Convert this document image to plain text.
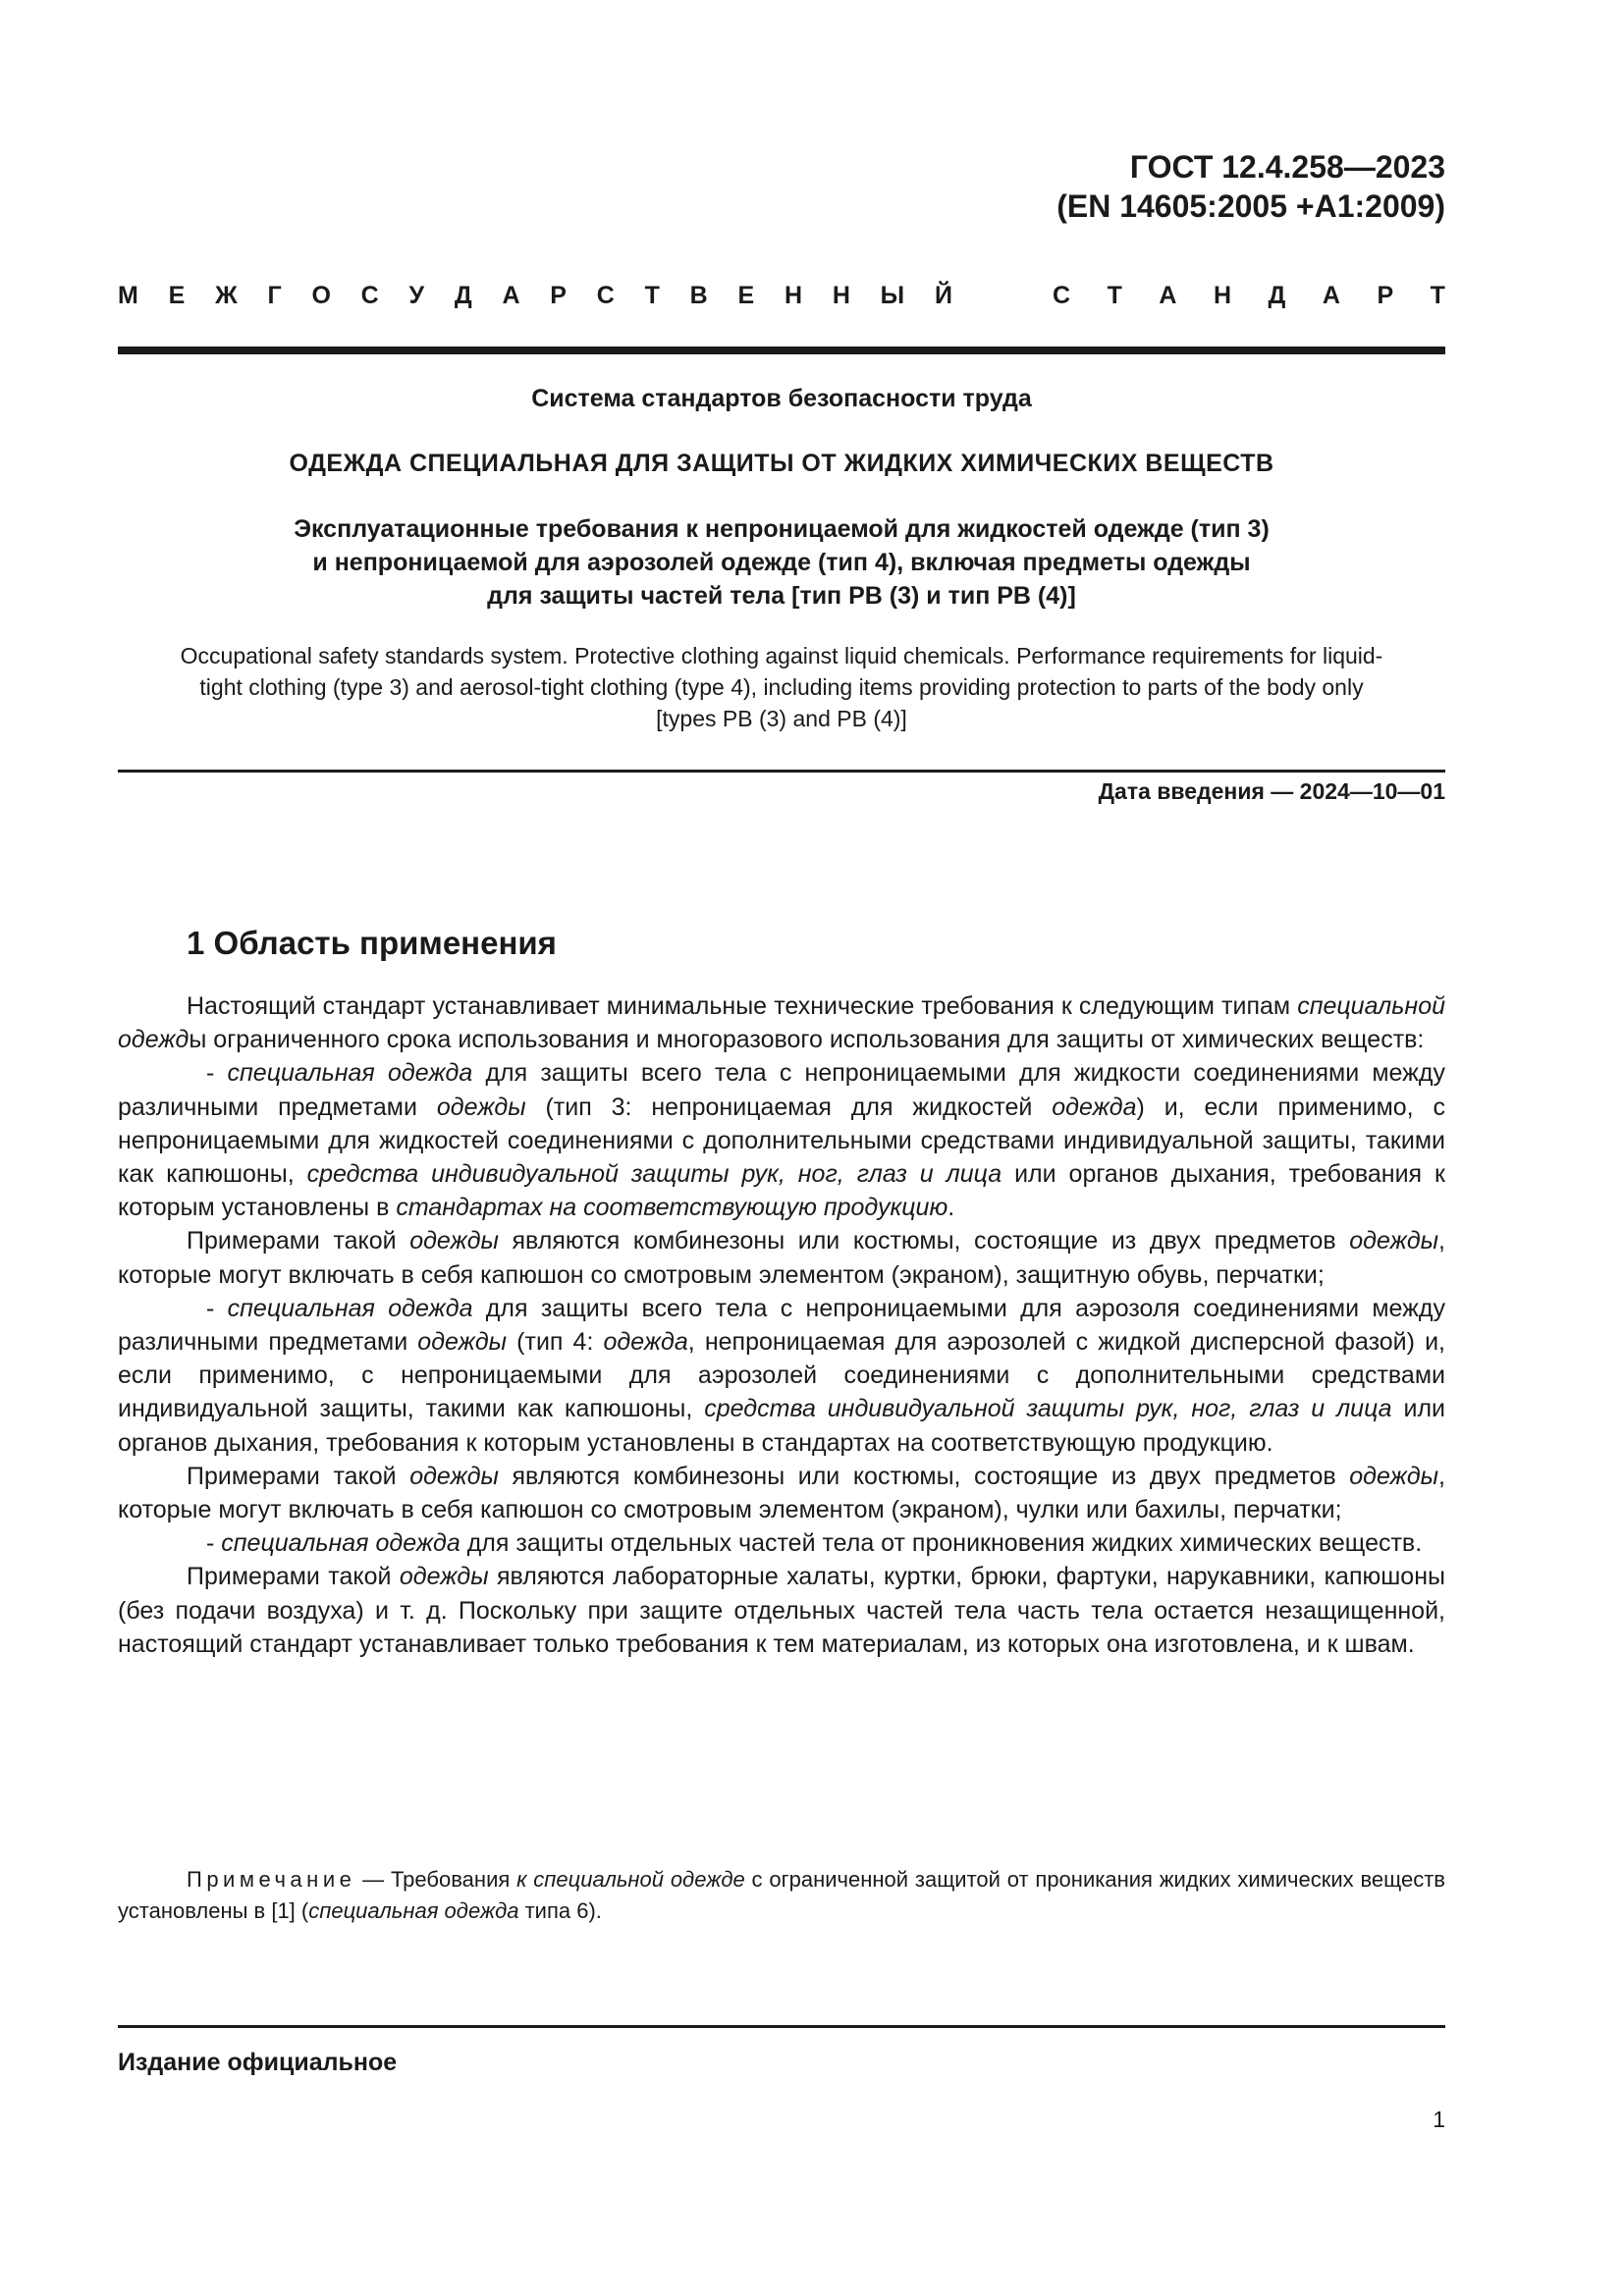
ГОСТ 12.4.258—2023
(EN 14605:2005 +A1:2009)
М Е Ж Г О С У Д А Р С Т В Е Н Н Ы Й	С Т А Н Д А Р Т
Система стандартов безопасности труда
ОДЕЖДА СПЕЦИАЛЬНАЯ ДЛЯ ЗАЩИТЫ ОТ ЖИДКИХ ХИМИЧЕСКИХ ВЕЩЕСТВ
Эксплуатационные требования к непроницаемой для жидкостей одежде (тип 3)
и непроницаемой для аэрозолей одежде (тип 4), включая предметы одежды
для защиты частей тела [тип PB (3) и тип PB (4)]
Occupational safety standards system. Protective clothing against liquid chemicals. Performance requirements for liquid-
tight clothing (type 3) and aerosol-tight clothing (type 4), including items providing protection to parts of the body only
[types PB (3) and PB (4)]
Дата введения — 2024—10—01
1 Область применения

Настоящий стандарт устанавливает минимальные технические требования к следующим типам специальной одежды ограниченного срока использования и многоразового использования для защиты от химических веществ:

- специальная одежда для защиты всего тела с непроницаемыми для жидкости соединениями между различными предметами одежды (тип 3: непроницаемая для жидкостей одежда) и, если применимо, с непроницаемыми для жидкостей соединениями с дополнительными средствами индивидуальной защиты, такими как капюшоны, средства индивидуальной защиты рук, ног, глаз и лица или органов дыхания, требования к которым установлены в стандартах на соответствующую продукцию.

Примерами такой одежды являются комбинезоны или костюмы, состоящие из двух предметов одежды, которые могут включать в себя капюшон со смотровым элементом (экраном), защитную обувь, перчатки;

- специальная одежда для защиты всего тела с непроницаемыми для аэрозоля соединениями между различными предметами одежды (тип 4: одежда, непроницаемая для аэрозолей с жидкой дисперсной фазой) и, если применимо, с непроницаемыми для аэрозолей соединениями с дополнительными средствами индивидуальной защиты, такими как капюшоны, средства индивидуальной защиты рук, ног, глаз и лица или органов дыхания, требования к которым установлены в стандартах на соответствующую продукцию.

Примерами такой одежды являются комбинезоны или костюмы, состоящие из двух предметов одежды, которые могут включать в себя капюшон со смотровым элементом (экраном), чулки или бахилы, перчатки;

- специальная одежда для защиты отдельных частей тела от проникновения жидких химических веществ.

Примерами такой одежды являются лабораторные халаты, куртки, брюки, фартуки, нарукавники, капюшоны (без подачи воздуха) и т. д. Поскольку при защите отдельных частей тела часть тела остается незащищенной, настоящий стандарт устанавливает только требования к тем материалам, из которых она изготовлена, и к швам.

Примечание — Требования к специальной одежде с ограниченной защитой от проникания жидких химических веществ установлены в [1] (специальная одежда типа 6).
Издание официальное
1
